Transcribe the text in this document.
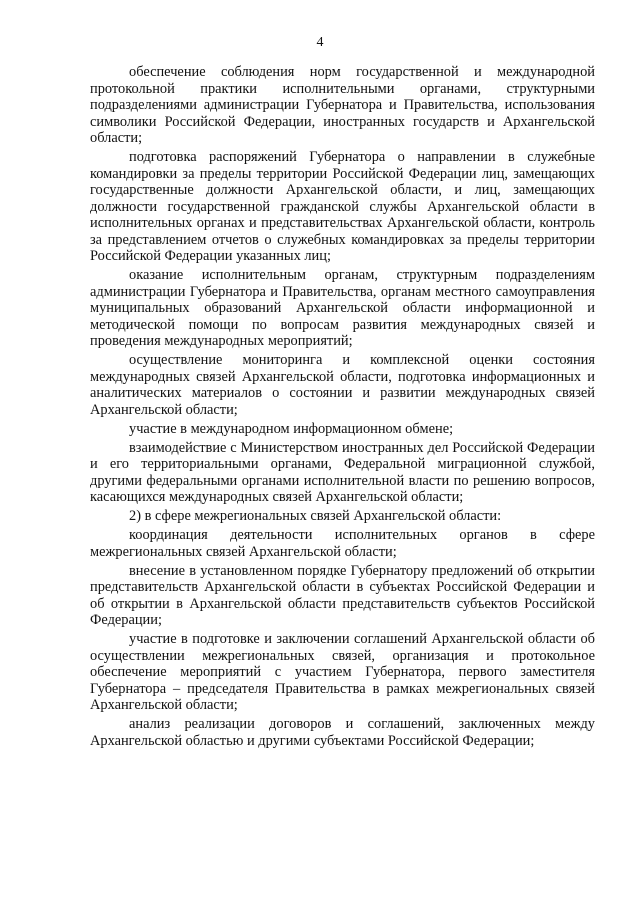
4

обеспечение соблюдения норм государственной и международной протокольной практики исполнительными органами, структурными подразделениями администрации Губернатора и Правительства, использования символики Российской Федерации, иностранных государств и Архангельской области;

подготовка распоряжений Губернатора о направлении в служебные командировки за пределы территории Российской Федерации лиц, замещающих государственные должности Архангельской области, и лиц, замещающих должности государственной гражданской службы Архангельской области в исполнительных органах и представительствах Архангельской области, контроль за представлением отчетов о служебных командировках за пределы территории Российской Федерации указанных лиц;

оказание исполнительным органам, структурным подразделениям администрации Губернатора и Правительства, органам местного самоуправления муниципальных образований Архангельской области информационной и методической помощи по вопросам развития международных связей и проведения международных мероприятий;

осуществление мониторинга и комплексной оценки состояния международных связей Архангельской области, подготовка информационных и аналитических материалов о состоянии и развитии международных связей Архангельской области;

участие в международном информационном обмене;

взаимодействие с Министерством иностранных дел Российской Федерации и его территориальными органами, Федеральной миграционной службой, другими федеральными органами исполнительной власти по решению вопросов, касающихся международных связей Архангельской области;

2) в сфере межрегиональных связей Архангельской области:

координация деятельности исполнительных органов в сфере межрегиональных связей Архангельской области;

внесение в установленном порядке Губернатору предложений об открытии представительств Архангельской области в субъектах Российской Федерации и об открытии в Архангельской области представительств субъектов Российской Федерации;

участие в подготовке и заключении соглашений Архангельской области об осуществлении межрегиональных связей, организация и протокольное обеспечение мероприятий с участием Губернатора, первого заместителя Губернатора – председателя Правительства в рамках межрегиональных связей Архангельской области;

анализ реализации договоров и соглашений, заключенных между Архангельской областью и другими субъектами Российской Федерации;
